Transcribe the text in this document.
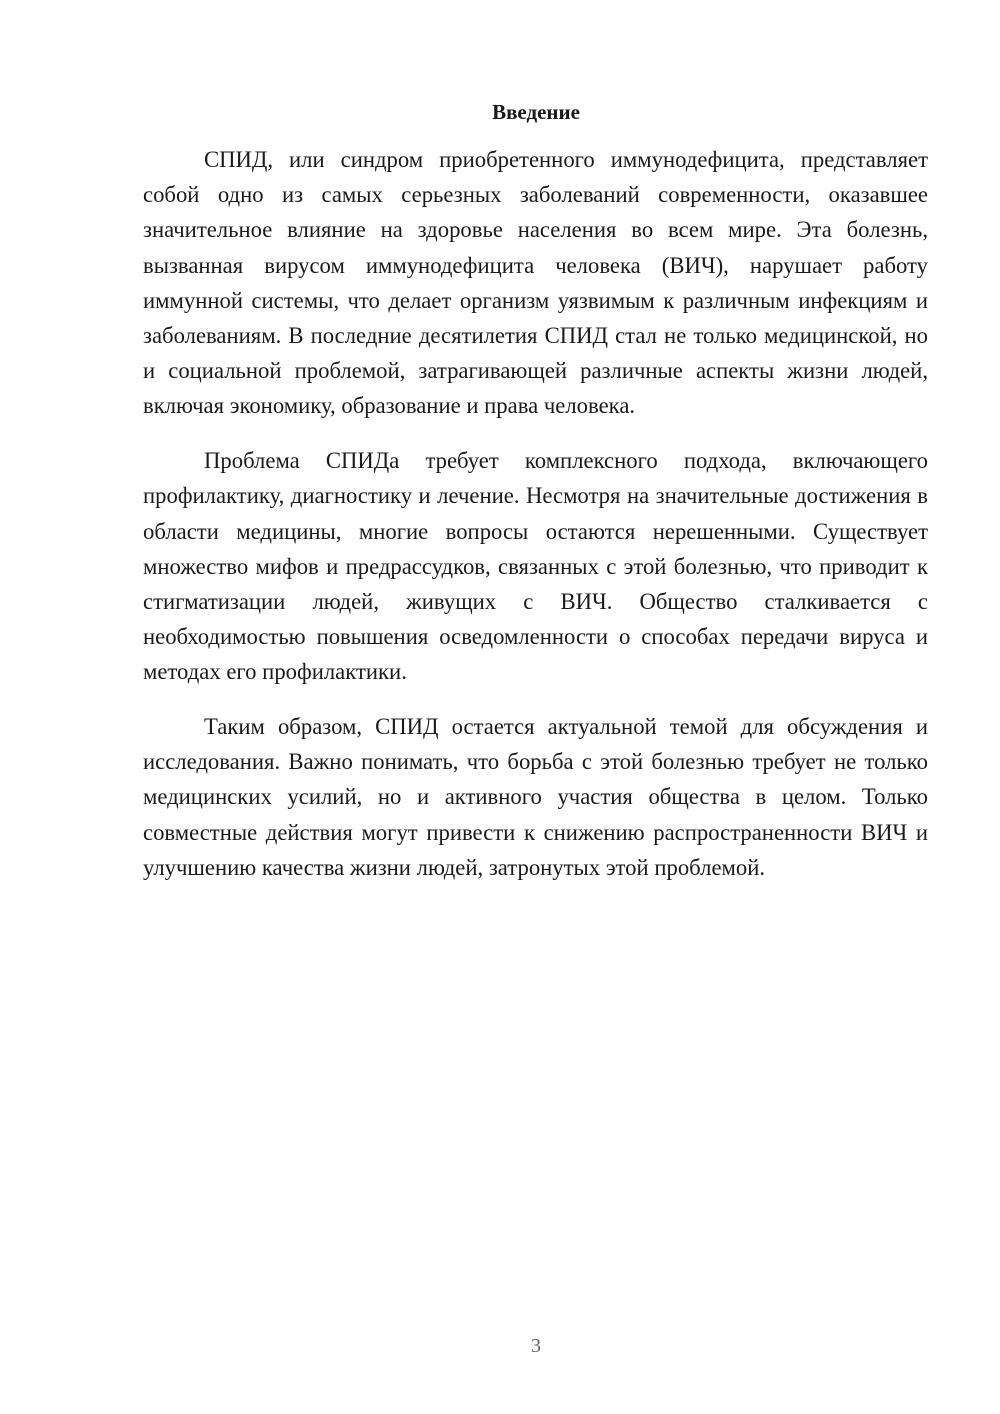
Введение

СПИД, или синдром приобретенного иммунодефицита, представляет собой одно из самых серьезных заболеваний современности, оказавшее значительное влияние на здоровье населения во всем мире. Эта болезнь, вызванная вирусом иммунодефицита человека (ВИЧ), нарушает работу иммунной системы, что делает организм уязвимым к различным инфекциям и заболеваниям. В последние десятилетия СПИД стал не только медицинской, но и социальной проблемой, затрагивающей различные аспекты жизни людей, включая экономику, образование и права человека.

Проблема СПИДа требует комплексного подхода, включающего профилактику, диагностику и лечение. Несмотря на значительные достижения в области медицины, многие вопросы остаются нерешенными. Существует множество мифов и предрассудков, связанных с этой болезнью, что приводит к стигматизации людей, живущих с ВИЧ. Общество сталкивается с необходимостью повышения осведомленности о способах передачи вируса и методах его профилактики.

Таким образом, СПИД остается актуальной темой для обсуждения и исследования. Важно понимать, что борьба с этой болезнью требует не только медицинских усилий, но и активного участия общества в целом. Только совместные действия могут привести к снижению распространенности ВИЧ и улучшению качества жизни людей, затронутых этой проблемой.

3
